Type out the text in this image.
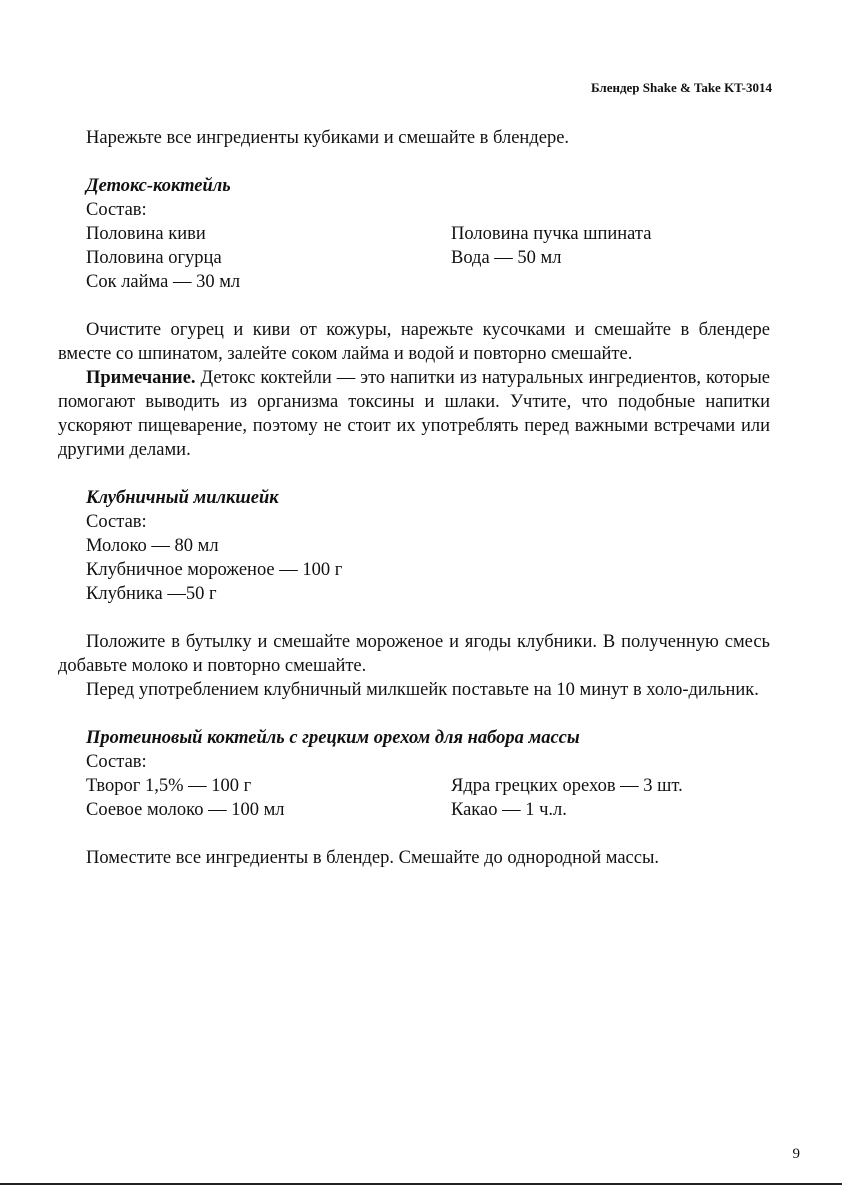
Блендер Shake & Take KT-3014

Нарежьте все ингредиенты кубиками и смешайте в блендере.

Детокс-коктейль

Состав:
Половина киви	Половина пучка шпината
Половина огурца	Вода — 50 мл
Сок лайма — 30 мл

Очистите огурец и киви от кожуры, нарежьте кусочками и смешайте в блендере вместе со шпинатом, залейте соком лайма и водой и повторно смешайте.

Примечание. Детокс коктейли — это напитки из натуральных ингредиентов, которые помогают выводить из организма токсины и шлаки. Учтите, что подобные напитки ускоряют пищеварение, поэтому не стоит их употреблять перед важными встречами или другими делами.

Клубничный милкшейк

Состав:
Молоко — 80 мл
Клубничное мороженое — 100 г
Клубника —50 г

Положите в бутылку и смешайте мороженое и ягоды клубники. В полученную смесь добавьте молоко и повторно смешайте.

Перед употреблением клубничный милкшейк поставьте на 10 минут в холо-дильник.

Протеиновый коктейль с грецким орехом для набора массы

Состав:
Творог 1,5% — 100 г	Ядра грецких орехов — 3 шт.
Соевое молоко — 100 мл	Какао — 1 ч.л.

Поместите все ингредиенты в блендер. Смешайте до однородной массы.

9
